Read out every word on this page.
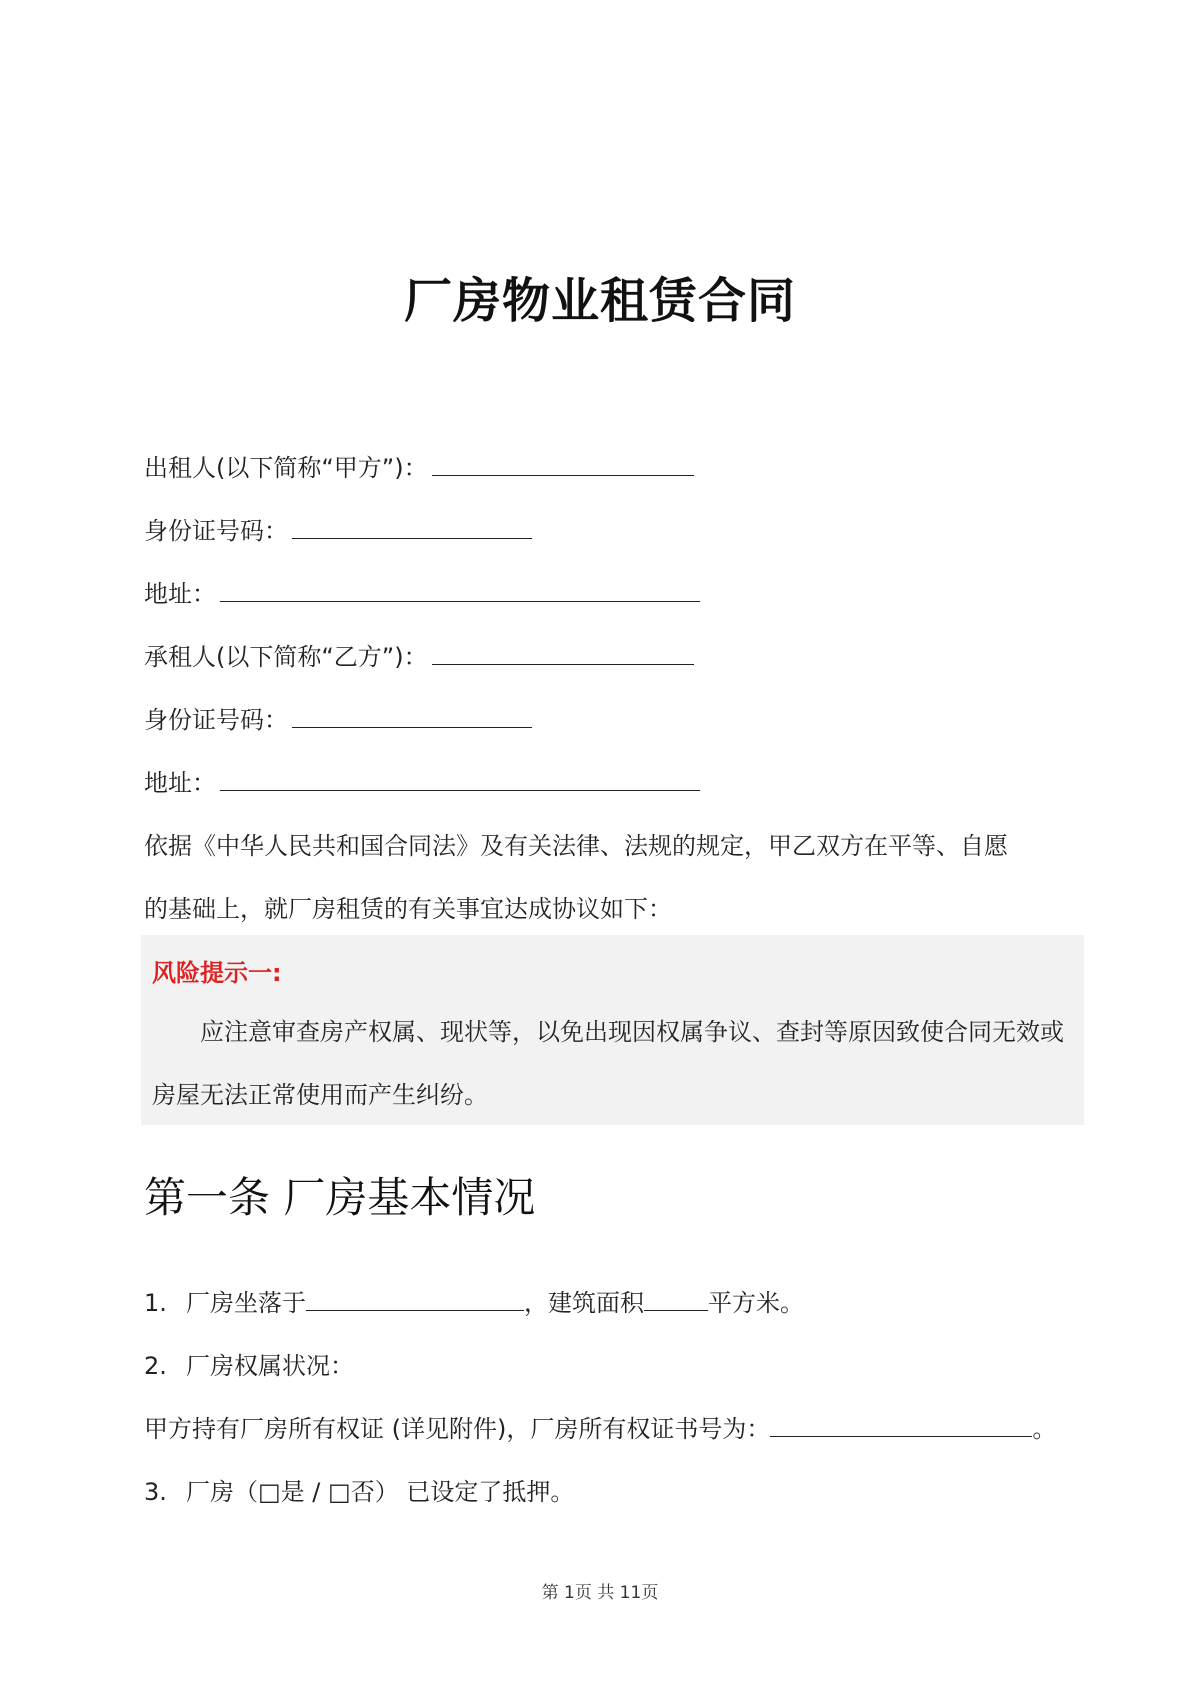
厂房物业租赁合同
出租人(以下简称“甲方”)：
身份证号码：
地址：
承租人(以下简称“乙方”)：
身份证号码：
地址：
依据《中华人民共和国合同法》及有关法律、法规的规定，甲乙双方在平等、自愿
的基础上，就厂房租赁的有关事宜达成协议如下：
风险提示一:
应注意审查房产权属、现状等，以免出现因权属争议、查封等原因致使合同无效或
房屋无法正常使用而产生纠纷。
第一条 厂房基本情况
1. 厂房坐落于	，建筑面积	平方米。
2. 厂房权属状况：
甲方持有厂房所有权证 (详见附件)，厂房所有权证书号为：	。
3. 厂房（□是 / □否） 已设定了抵押。
第 1页 共 11页
